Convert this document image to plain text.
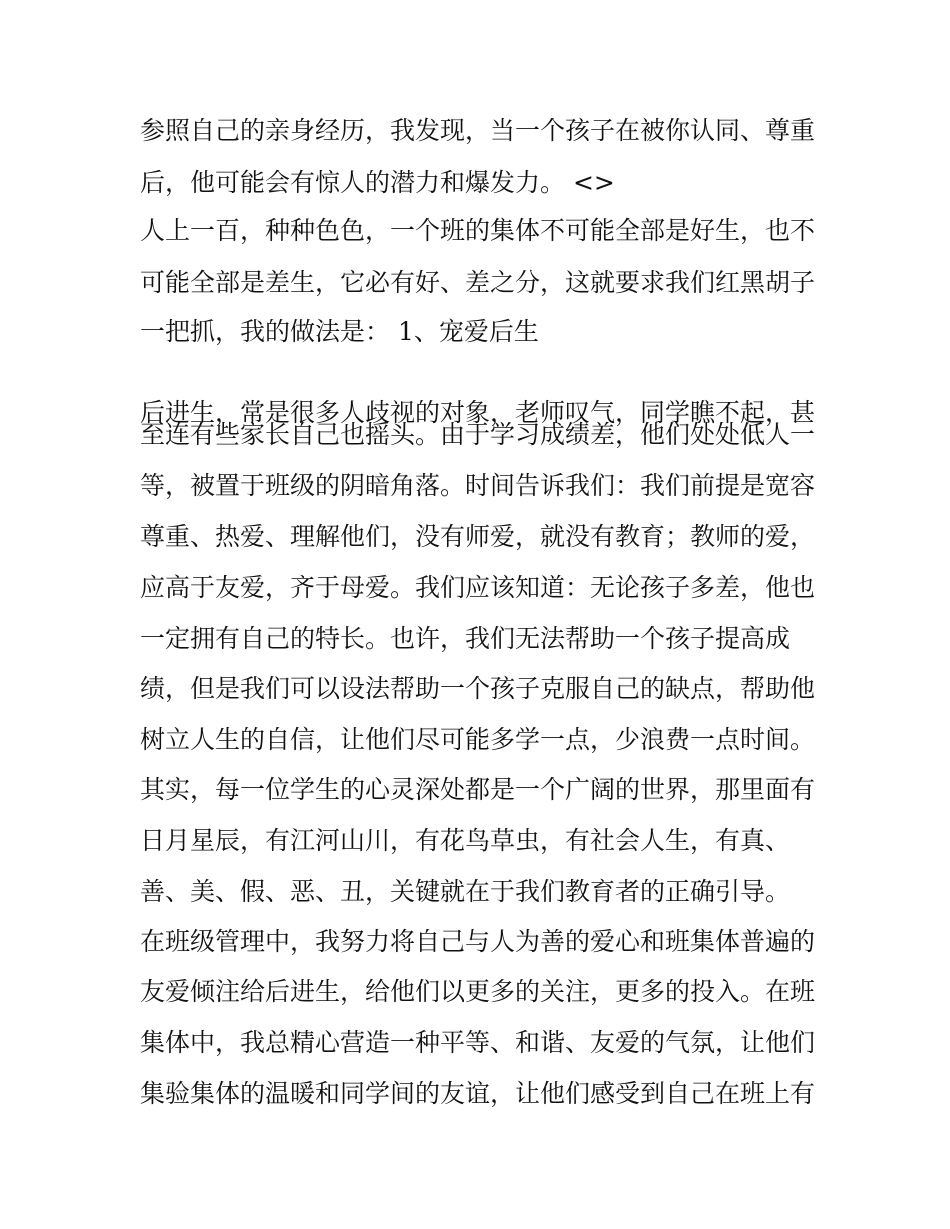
参照自己的亲身经历，我发现，当一个孩子在被你认同、尊重
后，他可能会有惊人的潜力和爆发力。 <>
人上一百，种种色色，一个班的集体不可能全部是好生，也不
可能全部是差生，它必有好、差之分，这就要求我们红黑胡子
一把抓，我的做法是： 1、宠爱后生
后进生，常是很多人歧视的对象，老师叹气，同学瞧不起，甚
至连有些家长自己也摇头。由于学习成绩差，他们处处低人一
等，被置于班级的阴暗角落。时间告诉我们：我们前提是宽容
尊重、热爱、理解他们，没有师爱，就没有教育；教师的爱，
应高于友爱，齐于母爱。我们应该知道：无论孩子多差，他也
一定拥有自己的特长。也许，我们无法帮助一个孩子提高成
绩，但是我们可以设法帮助一个孩子克服自己的缺点，帮助他
树立人生的自信，让他们尽可能多学一点，少浪费一点时间。
其实，每一位学生的心灵深处都是一个广阔的世界，那里面有
日月星辰，有江河山川，有花鸟草虫，有社会人生，有真、
善、美、假、恶、丑，关键就在于我们教育者的正确引导。
在班级管理中，我努力将自己与人为善的爱心和班集体普遍的
友爱倾注给后进生，给他们以更多的关注，更多的投入。在班
集体中，我总精心营造一种平等、和谐、友爱的气氛，让他们
集验集体的温暖和同学间的友谊，让他们感受到自己在班上有
